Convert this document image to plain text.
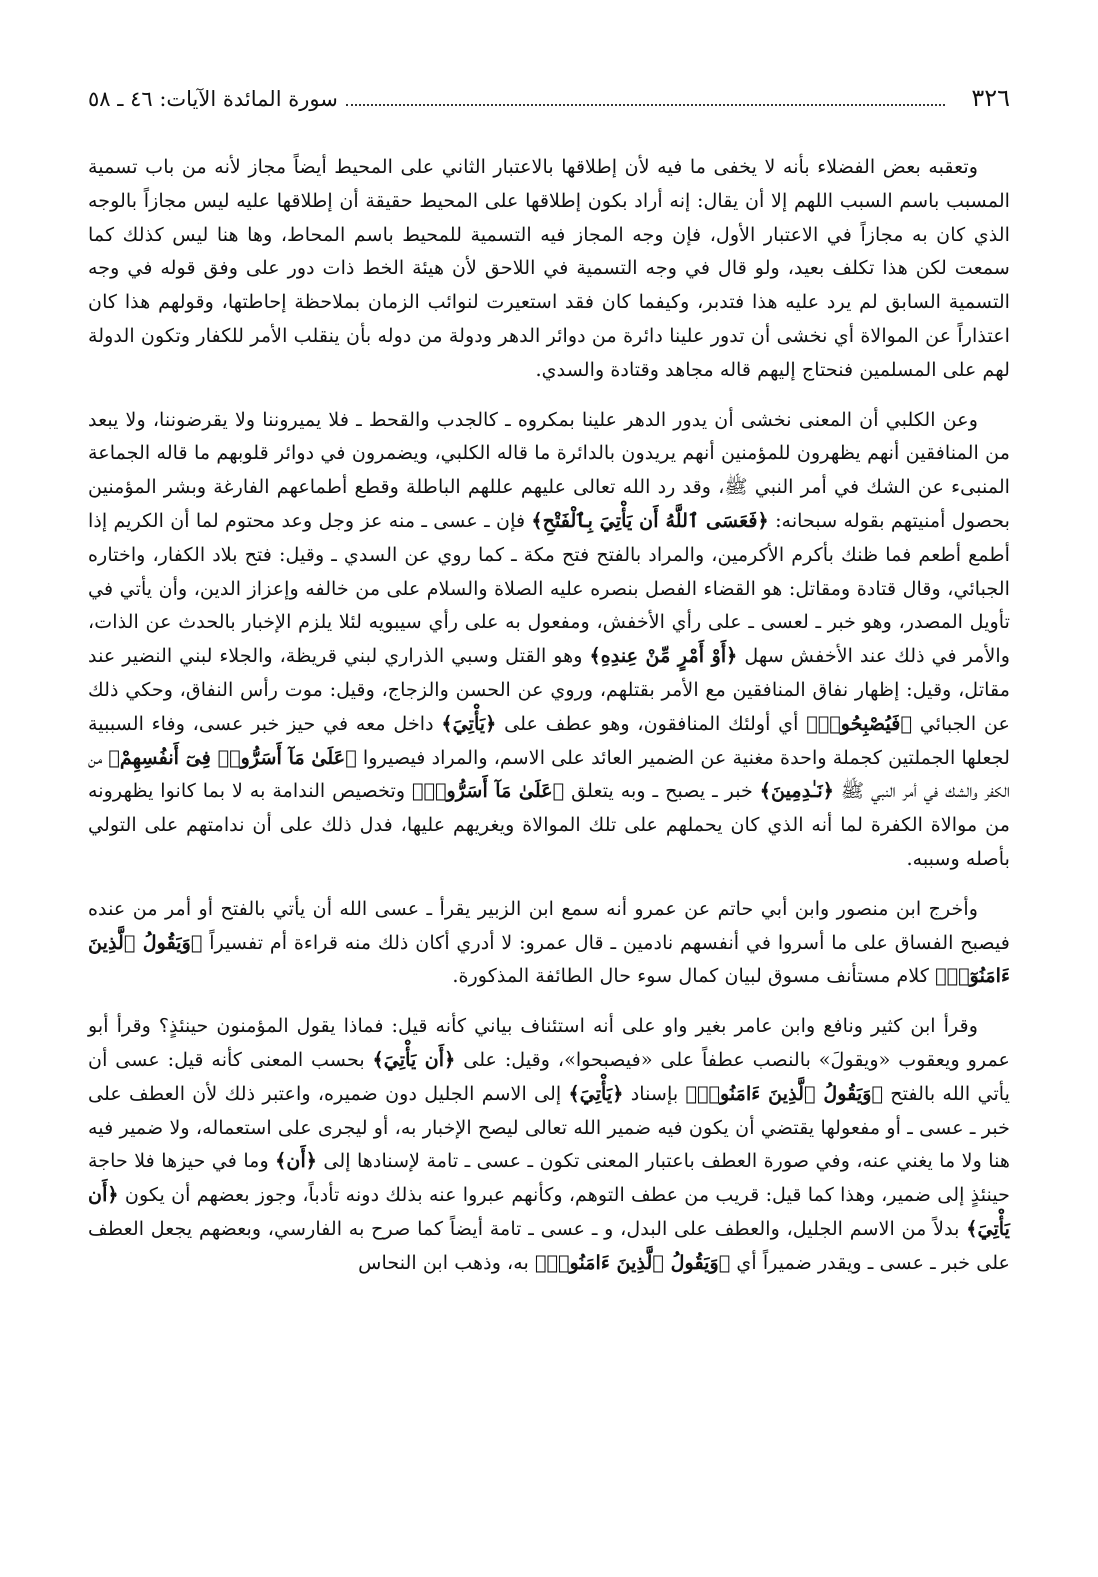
٣٢٦
سورة المائدة الآيات: ٤٦ ـ ٥٨

وتعقبه بعض الفضلاء بأنه لا يخفى ما فيه لأن إطلاقها بالاعتبار الثاني على المحيط أيضاً مجاز لأنه من باب تسمية المسبب باسم السبب اللهم إلا أن يقال: إنه أراد بكون إطلاقها على المحيط حقيقة أن إطلاقها عليه ليس مجازاً بالوجه الذي كان به مجازاً في الاعتبار الأول، فإن وجه المجاز فيه التسمية للمحيط باسم المحاط، وها هنا ليس كذلك كما سمعت لكن هذا تكلف بعيد، ولو قال في وجه التسمية في اللاحق لأن هيئة الخط ذات دور على وفق قوله في وجه التسمية السابق لم يرد عليه هذا فتدبر، وكيفما كان فقد استعيرت لنوائب الزمان بملاحظة إحاطتها، وقولهم هذا كان اعتذاراً عن الموالاة أي نخشى أن تدور علينا دائرة من دوائر الدهر ودولة من دوله بأن ينقلب الأمر للكفار وتكون الدولة لهم على المسلمين فنحتاج إليهم قاله مجاهد وقتادة والسدي.

وعن الكلبي أن المعنى نخشى أن يدور الدهر علينا بمكروه ـ كالجدب والقحط ـ فلا يميروننا ولا يقرضوننا، ولا يبعد من المنافقين أنهم يظهرون للمؤمنين أنهم يريدون بالدائرة ما قاله الكلبي، ويضمرون في دوائر قلوبهم ما قاله الجماعة المنبىء عن الشك في أمر النبي ﷺ، وقد رد الله تعالى عليهم عللهم الباطلة وقطع أطماعهم الفارغة وبشر المؤمنين بحصول أمنيتهم بقوله سبحانه: ﴿فَعَسَى ٱللَّهُ أَن يَأْتِيَ بِٱلْفَتْحِ﴾ فإن ـ عسى ـ منه عز وجل وعد محتوم لما أن الكريم إذا أطمع أطعم فما ظنك بأكرم الأكرمين، والمراد بالفتح فتح مكة ـ كما روي عن السدي ـ وقيل: فتح بلاد الكفار، واختاره الجبائي، وقال قتادة ومقاتل: هو القضاء الفصل بنصره عليه الصلاة والسلام على من خالفه وإعزاز الدين، وأن يأتي في تأويل المصدر، وهو خبر ـ لعسى ـ على رأي الأخفش، ومفعول به على رأي سيبويه لئلا يلزم الإخبار بالحدث عن الذات، والأمر في ذلك عند الأخفش سهل ﴿أَوْ أَمْرٍ مِّنْ عِندِهِ﴾ وهو القتل وسبي الذراري لبني قريظة، والجلاء لبني النضير عند مقاتل، وقيل: إظهار نفاق المنافقين مع الأمر بقتلهم، وروي عن الحسن والزجاج، وقيل: موت رأس النفاق، وحكي ذلك عن الجبائي ﴿فَيُصْبِحُوا۟﴾ أي أولئك المنافقون، وهو عطف على ﴿يَأْتِيَ﴾ داخل معه في حيز خبر عسى، وفاء السببية لجعلها الجملتين كجملة واحدة مغنية عن الضمير العائد على الاسم، والمراد فيصيروا ﴿عَلَىٰ مَآ أَسَرُّوا۟ فِىٓ أَنفُسِهِمْ﴾ من الكفر والشك في أمر النبي ﷺ ﴿نَـٰدِمِينَ﴾ خبر ـ يصبح ـ وبه يتعلق ﴿عَلَىٰ مَآ أَسَرُّوا۟﴾ وتخصيص الندامة به لا بما كانوا يظهرونه من موالاة الكفرة لما أنه الذي كان يحملهم على تلك الموالاة ويغريهم عليها، فدل ذلك على أن ندامتهم على التولي بأصله وسببه.

وأخرج ابن منصور وابن أبي حاتم عن عمرو أنه سمع ابن الزبير يقرأ ـ عسى الله أن يأتي بالفتح أو أمر من عنده فيصبح الفساق على ما أسروا في أنفسهم نادمين ـ قال عمرو: لا أدري أكان ذلك منه قراءة أم تفسيراً ﴿وَيَقُولُ ٱلَّذِينَ ءَامَنُوٓا۟﴾ كلام مستأنف مسوق لبيان كمال سوء حال الطائفة المذكورة.

وقرأ ابن كثير ونافع وابن عامر بغير واو على أنه استئناف بياني كأنه قيل: فماذا يقول المؤمنون حينئذٍ؟ وقرأ أبو عمرو ويعقوب «ويقولَ» بالنصب عطفاً على «فيصبحوا»، وقيل: على ﴿أَن يَأْتِيَ﴾ بحسب المعنى كأنه قيل: عسى أن يأتي الله بالفتح ﴿وَيَقُولُ ٱلَّذِينَ ءَامَنُوا۟﴾ بإسناد ﴿يَأْتِيَ﴾ إلى الاسم الجليل دون ضميره، واعتبر ذلك لأن العطف على خبر ـ عسى ـ أو مفعولها يقتضي أن يكون فيه ضمير الله تعالى ليصح الإخبار به، أو ليجرى على استعماله، ولا ضمير فيه هنا ولا ما يغني عنه، وفي صورة العطف باعتبار المعنى تكون ـ عسى ـ تامة لإسنادها إلى ﴿أَن﴾ وما في حيزها فلا حاجة حينئذٍ إلى ضمير، وهذا كما قيل: قريب من عطف التوهم، وكأنهم عبروا عنه بذلك دونه تأدباً، وجوز بعضهم أن يكون ﴿أَن يَأْتِيَ﴾ بدلاً من الاسم الجليل، والعطف على البدل، و ـ عسى ـ تامة أيضاً كما صرح به الفارسي، وبعضهم يجعل العطف على خبر ـ عسى ـ ويقدر ضميراً أي ﴿وَيَقُولُ ٱلَّذِينَ ءَامَنُوا۟﴾ به، وذهب ابن النحاس
